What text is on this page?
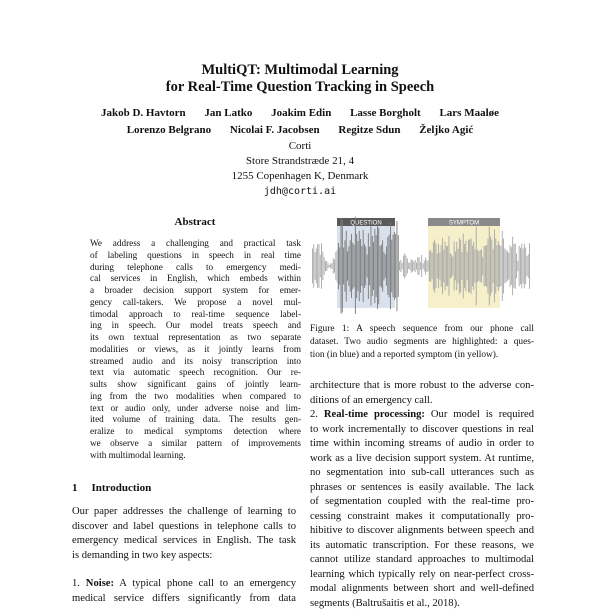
MultiQT: Multimodal Learning
for Real-Time Question Tracking in Speech
Jakob D. Havtorn Jan Latko Joakim Edin Lasse Borgholt Lars Maaløe
Lorenzo Belgrano Nicolai F. Jacobsen Regitze Sdun Željko Agić
Corti
Store Strandstræde 21, 4
1255 Copenhagen K, Denmark
jdh@corti.ai
Abstract
We address a challenging and practical task
of labeling questions in speech in real time
during telephone calls to emergency medi-
cal services in English, which embeds within
a broader decision support system for emer-
gency call-takers. We propose a novel mul-
timodal approach to real-time sequence label-
ing in speech. Our model treats speech and
its own textual representation as two separate
modalities or views, as it jointly learns from
streamed audio and its noisy transcription into
text via automatic speech recognition. Our re-
sults show significant gains of jointly learn-
ing from the two modalities when compared to
text or audio only, under adverse noise and lim-
ited volume of training data. The results gen-
eralize to medical symptoms detection where
we observe a similar pattern of improvements
with multimodal learning.
1 Introduction
Our paper addresses the challenge of learning to
discover and label questions in telephone calls to
emergency medical services in English. The task
is demanding in two key aspects:
1. Noise: A typical phone call to an emergency
medical service differs significantly from data
QUESTION	SYMPTOM
Figure 1: A speech sequence from our phone call
dataset. Two audio segments are highlighted: a ques-
tion (in blue) and a reported symptom (in yellow).
architecture that is more robust to the adverse con-
ditions of an emergency call.
2. Real-time processing: Our model is required
to work incrementally to discover questions in real
time within incoming streams of audio in order to
work as a live decision support system. At runtime,
no segmentation into sub-call utterances such as
phrases or sentences is easily available. The lack
of segmentation coupled with the real-time pro-
cessing constraint makes it computationally pro-
hibitive to discover alignments between speech and
its automatic transcription. For these reasons, we
cannot utilize standard approaches to multimodal
learning which typically rely on near-perfect cross-
modal alignments between short and well-defined
segments (Baltrušaitis et al., 2018).
